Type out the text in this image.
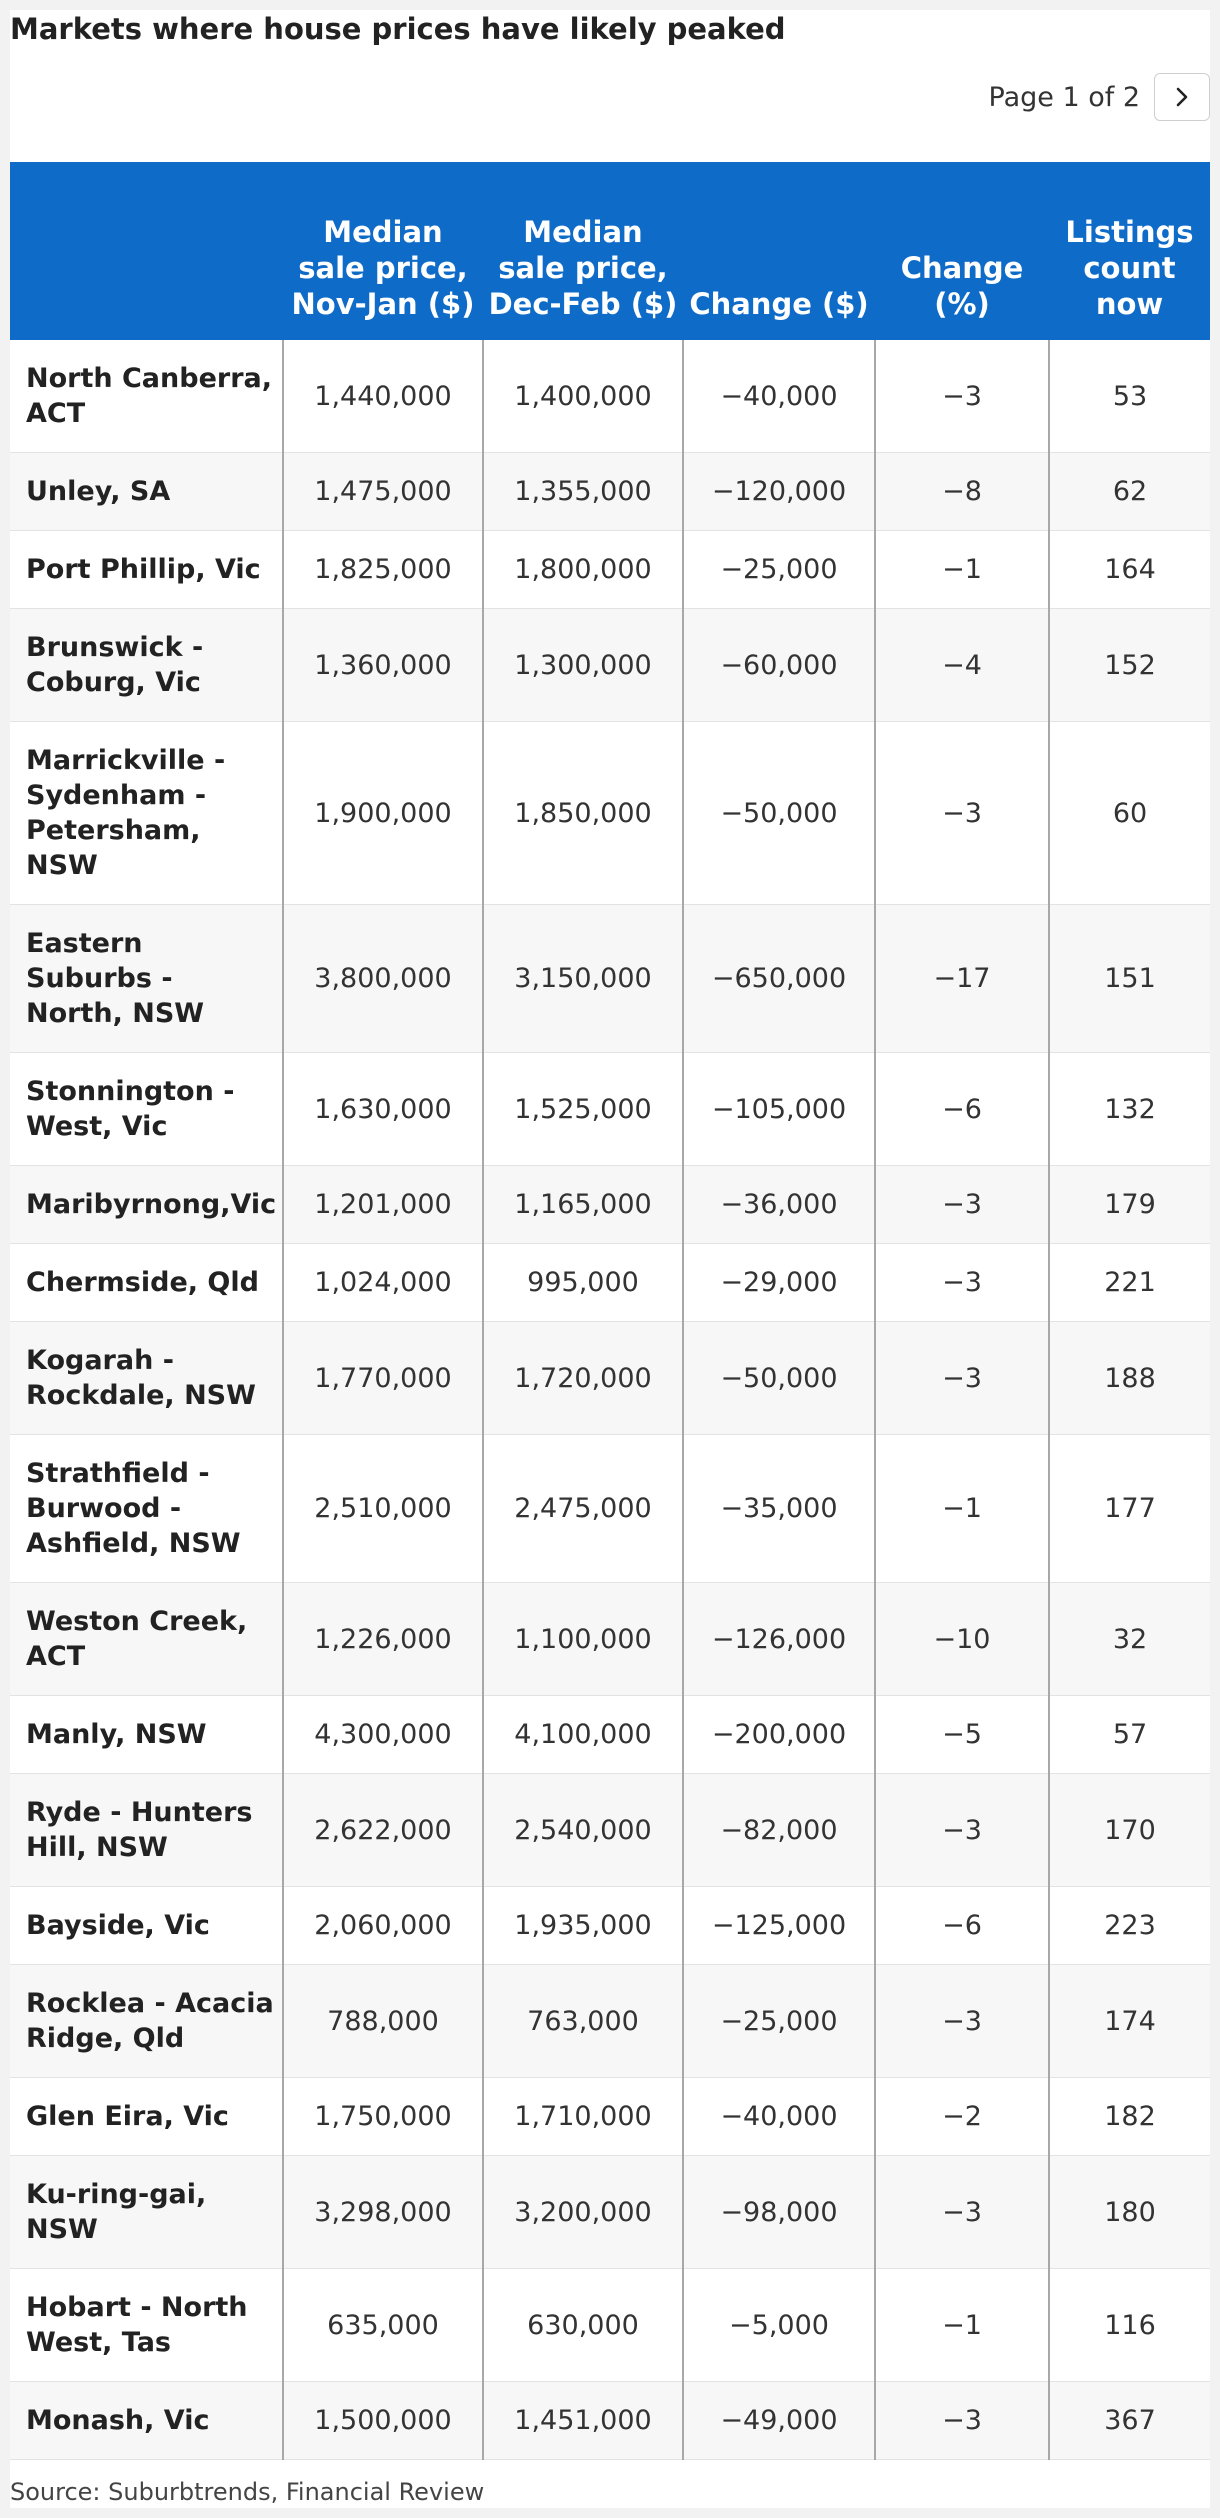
Markets where house prices have likely peaked
Page 1 of 2
	Median sale price, Nov-Jan ($)	Median sale price, Dec-Feb ($)	Change ($)	Change (%)	Listings count now
North Canberra, ACT	1,440,000	1,400,000	−40,000	−3	53
Unley, SA	1,475,000	1,355,000	−120,000	−8	62
Port Phillip, Vic	1,825,000	1,800,000	−25,000	−1	164
Brunswick - Coburg, Vic	1,360,000	1,300,000	−60,000	−4	152
Marrickville - Sydenham - Petersham, NSW	1,900,000	1,850,000	−50,000	−3	60
Eastern Suburbs - North, NSW	3,800,000	3,150,000	−650,000	−17	151
Stonnington - West, Vic	1,630,000	1,525,000	−105,000	−6	132
Maribyrnong,Vic	1,201,000	1,165,000	−36,000	−3	179
Chermside, Qld	1,024,000	995,000	−29,000	−3	221
Kogarah - Rockdale, NSW	1,770,000	1,720,000	−50,000	−3	188
Strathfield - Burwood - Ashfield, NSW	2,510,000	2,475,000	−35,000	−1	177
Weston Creek, ACT	1,226,000	1,100,000	−126,000	−10	32
Manly, NSW	4,300,000	4,100,000	−200,000	−5	57
Ryde - Hunters Hill, NSW	2,622,000	2,540,000	−82,000	−3	170
Bayside, Vic	2,060,000	1,935,000	−125,000	−6	223
Rocklea - Acacia Ridge, Qld	788,000	763,000	−25,000	−3	174
Glen Eira, Vic	1,750,000	1,710,000	−40,000	−2	182
Ku-ring-gai, NSW	3,298,000	3,200,000	−98,000	−3	180
Hobart - North West, Tas	635,000	630,000	−5,000	−1	116
Monash, Vic	1,500,000	1,451,000	−49,000	−3	367
Source: Suburbtrends, Financial Review
